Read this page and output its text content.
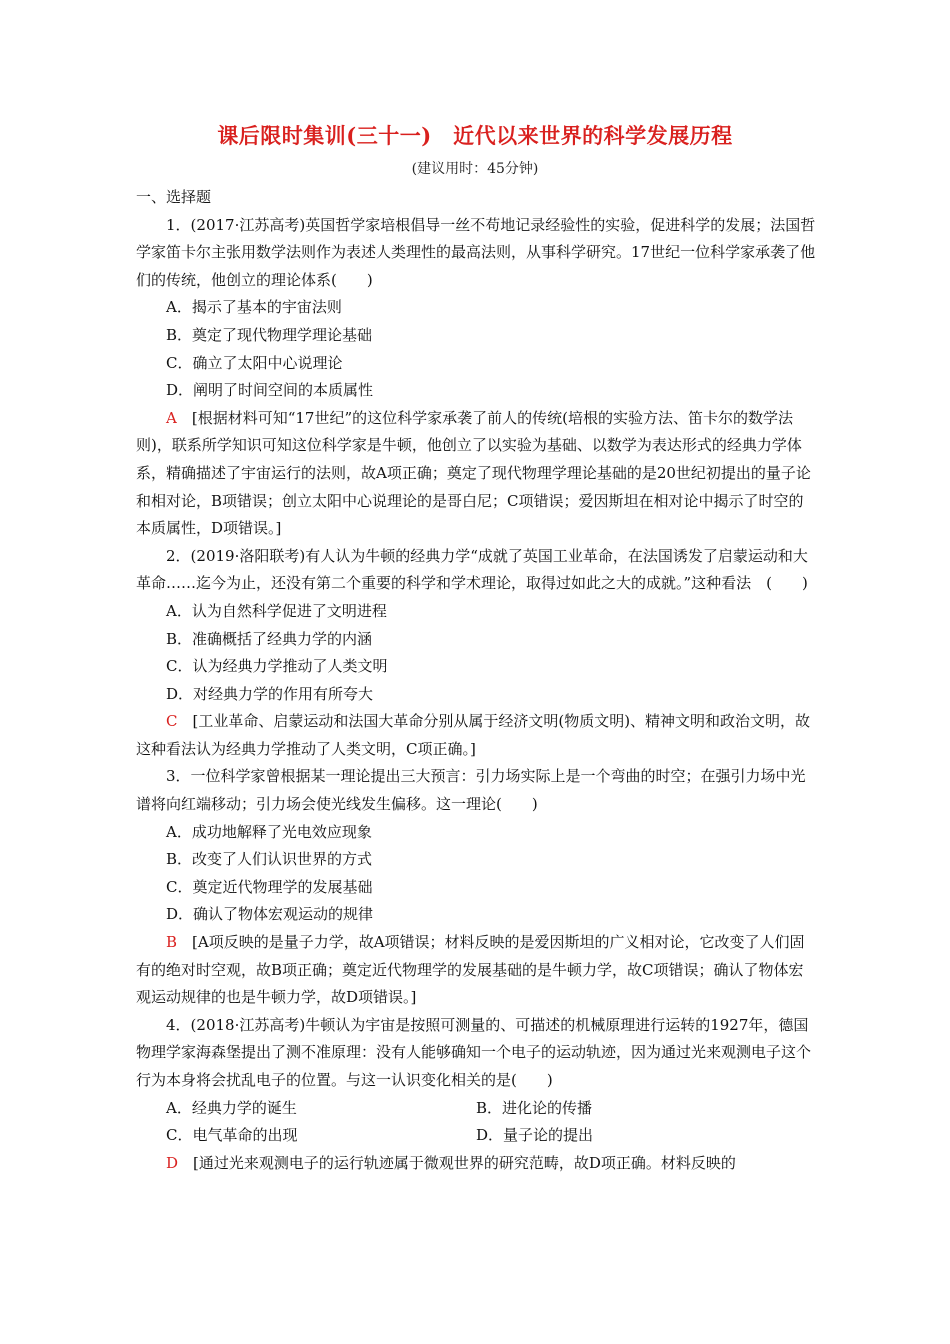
课后限时集训(三十一)　近代以来世界的科学发展历程
(建议用时：45分钟)

一、选择题

1．(2017·江苏高考)英国哲学家培根倡导一丝不苟地记录经验性的实验，促进科学的发展；法国哲学家笛卡尔主张用数学法则作为表述人类理性的最高法则，从事科学研究。17世纪一位科学家承袭了他们的传统，他创立的理论体系(　　)

A．揭示了基本的宇宙法则

B．奠定了现代物理学理论基础

C．确立了太阳中心说理论

D．阐明了时间空间的本质属性

A　[根据材料可知“17世纪”的这位科学家承袭了前人的传统(培根的实验方法、笛卡尔的数学法则)，联系所学知识可知这位科学家是牛顿，他创立了以实验为基础、以数学为表达形式的经典力学体系，精确描述了宇宙运行的法则，故A项正确；奠定了现代物理学理论基础的是20世纪初提出的量子论和相对论，B项错误；创立太阳中心说理论的是哥白尼；C项错误；爱因斯坦在相对论中揭示了时空的本质属性，D项错误。]

2．(2019·洛阳联考)有人认为牛顿的经典力学“成就了英国工业革命，在法国诱发了启蒙运动和大革命……迄今为止，还没有第二个重要的科学和学术理论，取得过如此之大的成就。”这种看法　(　　)

A．认为自然科学促进了文明进程

B．准确概括了经典力学的内涵

C．认为经典力学推动了人类文明

D．对经典力学的作用有所夸大

C　[工业革命、启蒙运动和法国大革命分别从属于经济文明(物质文明)、精神文明和政治文明，故这种看法认为经典力学推动了人类文明，C项正确。]

3．一位科学家曾根据某一理论提出三大预言：引力场实际上是一个弯曲的时空；在强引力场中光谱将向红端移动；引力场会使光线发生偏移。这一理论(　　)

A．成功地解释了光电效应现象

B．改变了人们认识世界的方式

C．奠定近代物理学的发展基础

D．确认了物体宏观运动的规律

B　[A项反映的是量子力学，故A项错误；材料反映的是爱因斯坦的广义相对论，它改变了人们固有的绝对时空观，故B项正确；奠定近代物理学的发展基础的是牛顿力学，故C项错误；确认了物体宏观运动规律的也是牛顿力学，故D项错误。]

4．(2018·江苏高考)牛顿认为宇宙是按照可测量的、可描述的机械原理进行运转的1927年，德国物理学家海森堡提出了测不准原理：没有人能够确知一个电子的运动轨迹，因为通过光来观测电子这个行为本身将会扰乱电子的位置。与这一认识变化相关的是(　　)

A．经典力学的诞生	B．进化论的传播
C．电气革命的出现	D．量子论的提出

D　[通过光来观测电子的运行轨迹属于微观世界的研究范畴，故D项正确。材料反映的
